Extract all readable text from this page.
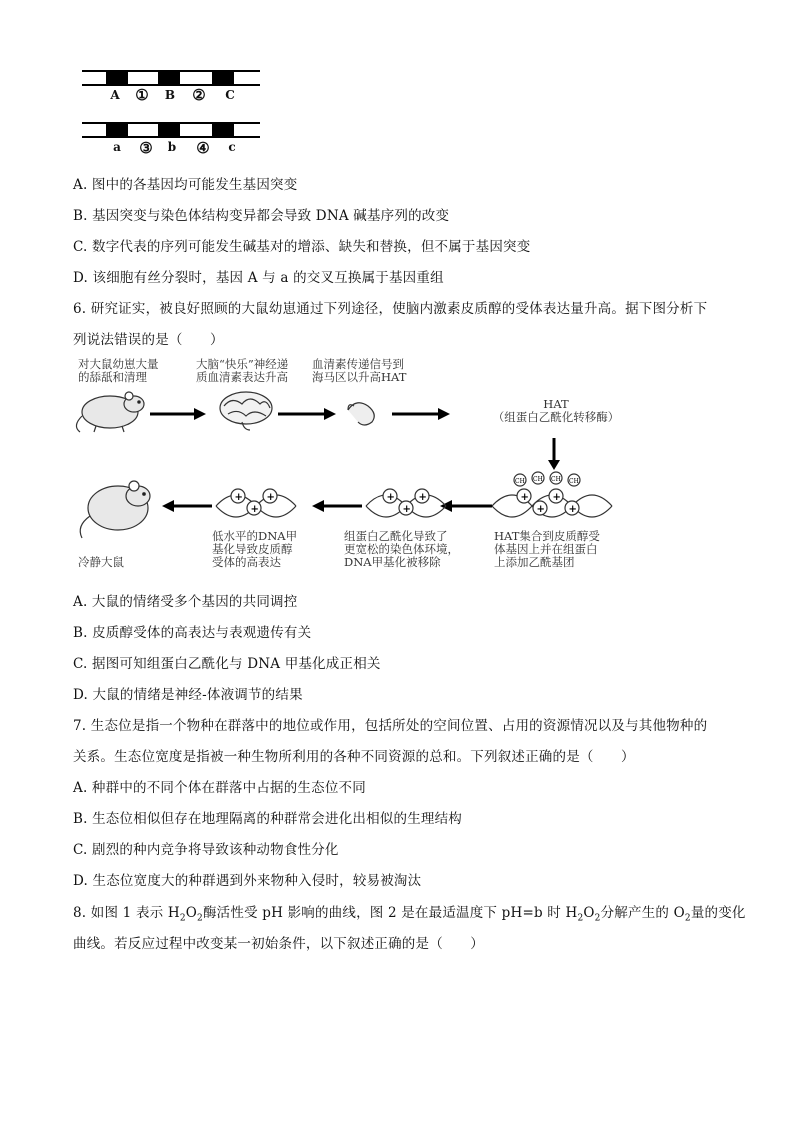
A ① B ② C
a ③ b ④ c
A. 图中的各基因均可能发生基因突变
B. 基因突变与染色体结构变异都会导致 DNA 碱基序列的改变
C. 数字代表的序列可能发生碱基对的增添、缺失和替换，但不属于基因突变
D. 该细胞有丝分裂时，基因 A 与 a 的交叉互换属于基因重组
6. 研究证实，被良好照顾的大鼠幼崽通过下列途径，使脑内激素皮质醇的受体表达量升高。据下图分析下
列说法错误的是（　　）
+
+
+
+
CH CH CH CH
+
+
+
+
+
+
对大鼠幼崽大量
的舔舐和清理
大脑“快乐”神经递
质血清素表达升高
血清素传递信号到
海马区以升高HAT
HAT
（组蛋白乙酰化转移酶）
HAT集合到皮质醇受
体基因上并在组蛋白
上添加乙酰基团
组蛋白乙酰化导致了
更宽松的染色体环境，
DNA甲基化被移除
低水平的DNA甲
基化导致皮质醇
受体的高表达
冷静大鼠
A. 大鼠的情绪受多个基因的共同调控
B. 皮质醇受体的高表达与表观遗传有关
C. 据图可知组蛋白乙酰化与 DNA 甲基化成正相关
D. 大鼠的情绪是神经-体液调节的结果
7. 生态位是指一个物种在群落中的地位或作用，包括所处的空间位置、占用的资源情况以及与其他物种的
关系。生态位宽度是指被一种生物所利用的各种不同资源的总和。下列叙述正确的是（　　）
A. 种群中的不同个体在群落中占据的生态位不同
B. 生态位相似但存在地理隔离的种群常会进化出相似的生理结构
C. 剧烈的种内竞争将导致该种动物食性分化
D. 生态位宽度大的种群遇到外来物种入侵时，较易被淘汰
8. 如图 1 表示 $H_2O_2$酶活性受 pH 影响的曲线，图 2 是在最适温度下 pH=b 时 $H_2O_2$分解产生的 $O_2$量的变化
曲线。若反应过程中改变某一初始条件，以下叙述正确的是（　　）
